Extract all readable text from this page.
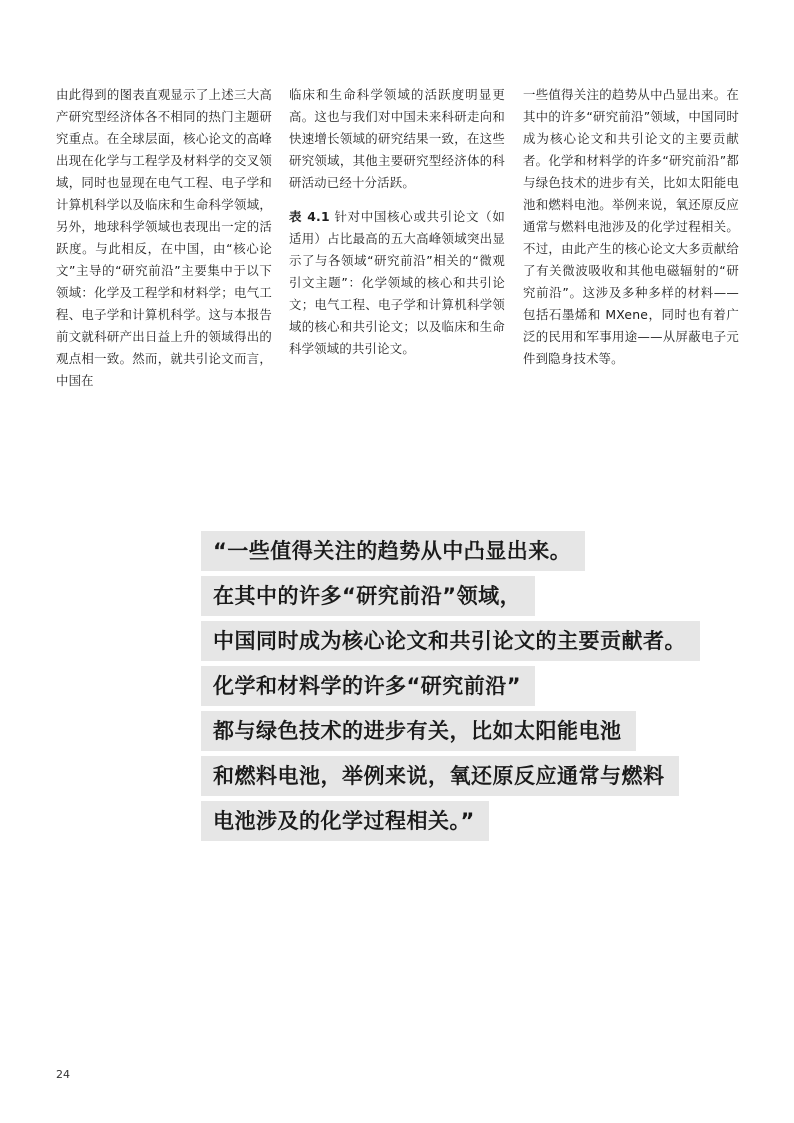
由此得到的图表直观显示了上述三大高产研究型经济体各不相同的热门主题研究重点。在全球层面，核心论文的高峰出现在化学与工程学及材料学的交叉领域，同时也显现在电气工程、电子学和计算机科学以及临床和生命科学领域，另外，地球科学领域也表现出一定的活跃度。与此相反，在中国，由“核心论文”主导的“研究前沿”主要集中于以下领域：化学及工程学和材料学；电气工程、电子学和计算机科学。这与本报告前文就科研产出日益上升的领域得出的观点相一致。然而，就共引论文而言，中国在

临床和生命科学领域的活跃度明显更高。这也与我们对中国未来科研走向和快速增长领域的研究结果一致，在这些研究领域，其他主要研究型经济体的科研活动已经十分活跃。

表 4.1 针对中国核心或共引论文（如适用）占比最高的五大高峰领域突出显示了与各领域“研究前沿”相关的“微观引文主题”：化学领域的核心和共引论文；电气工程、电子学和计算机科学领域的核心和共引论文；以及临床和生命科学领域的共引论文。

一些值得关注的趋势从中凸显出来。在其中的许多“研究前沿”领域，中国同时成为核心论文和共引论文的主要贡献者。化学和材料学的许多“研究前沿”都与绿色技术的进步有关，比如太阳能电池和燃料电池。举例来说，氧还原反应通常与燃料电池涉及的化学过程相关。不过，由此产生的核心论文大多贡献给了有关微波吸收和其他电磁辐射的“研究前沿”。这涉及多种多样的材料——包括石墨烯和 MXene，同时也有着广泛的民用和军事用途——从屏蔽电子元件到隐身技术等。

“一些值得关注的趋势从中凸显出来。
在其中的许多“研究前沿”领域，
中国同时成为核心论文和共引论文的主要贡献者。
化学和材料学的许多“研究前沿”
都与绿色技术的进步有关，比如太阳能电池
和燃料电池，举例来说，氧还原反应通常与燃料
电池涉及的化学过程相关。”
24
